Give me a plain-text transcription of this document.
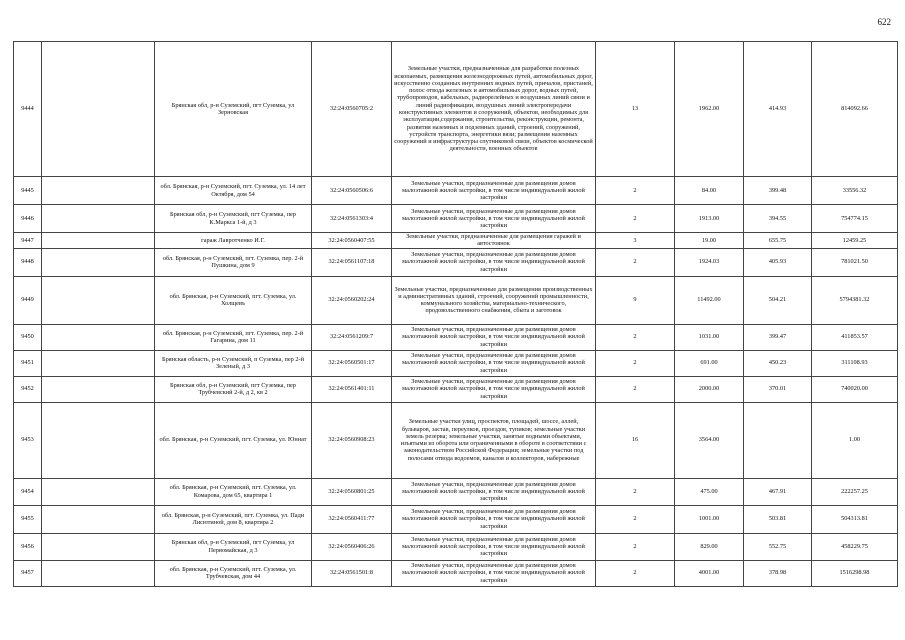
622
9444		Брянская обл, р-н Суземский, пгт Суземка, ул Зерновская	32:24:0560705:2	Земельные участки, предназначенные для разработки полезных ископаемых, размещения железнодорожных путей, автомобильных дорог, искусственно созданных внутренних водных путей, причалов, пристаней, полос отвода железных и автомобильных дорог, водных путей, трубопроводов, кабельных, радиорелейных и воздушных линий связи и линий радиофикации, воздушных линий электропередачи конструктивных элементов и сооружений, объектов, необходимых для эксплуатации,содержания, строительства, реконструкции, ремонта, развития наземных и подземных зданий, строений, сооружений, устройств транспорта, энергетики вязи; размещения наземных сооружений и инфраструктуры спутниковой связи, объектов космической деятельности, военных объектов	13	1962.00	414.93	814092.66
9445		обл. Брянская, р-н Суземский, пгт. Суземка, ул. 14 лет Октября, дом 54	32:24:0560506:6	Земельные участки, предназначенные для размещения домов малоэтажной жилой застройки, в том числе индивидуальной жилой застройки	2	84.00	399.48	33556.32
9446		Брянская обл, р-н Суземский, пгт Суземка, пер К.Маркса 1-й, д 3	32:24:0561303:4	Земельные участки, предназначенные для размещения домов малоэтажной жилой застройки, в том числе индивидуальной жилой застройки	2	1913.00	394.55	754774.15
9447		гараж Лавротченко И.Г.	32:24:0560407:55	Земельные участки, предназначенные для размещения гаражей и автостоянок	3	19.00	655.75	12459.25
9448		обл. Брянская, р-н Суземский, пгт. Суземка, пер. 2-й Пушкина, дом 9	32:24:0561107:18	Земельные участки, предназначенные для размещения домов малоэтажной жилой застройки, в том числе индивидуальной жилой застройки	2	1924.03	405.93	781021.50
9449		обл. Брянская, р-н Суземский, пгт. Суземка, ул. Холщевъ	32:24:0560202:24	Земельные участки, предназначенные для размещения производственных и административных зданий, строений, сооружений промышленности, коммунального хозяйства, материально-технического, продовольственного снабжения, сбыта и заготовок	9	11492.00	504.21	5794381.32
9450		обл. Брянская, р-н Суземский, пгт. Суземка, пер. 2-й Гагарина, дом 11	32:24:0561209:7	Земельные участки, предназначенные для размещения домов малоэтажной жилой застройки, в том числе индивидуальной жилой застройки	2	1031.00	399.47	411853.57
9451		Брянская область, р-н Суземский, п Суземка, пер 2-й Зеленый, д 3	32:24:0560501:17	Земельные участки, предназначенные для размещения домов малоэтажной жилой застройки, в том числе индивидуальной жилой застройки	2	691.00	450.23	311108.93
9452		Брянская обл, р-н Суземский, пгт Суземка, пер Трубчевский 2-й, д 2, кв 2	32:24:0561401:11	Земельные участки, предназначенные для размещения домов малоэтажной жилой застройки, в том числе индивидуальной жилой застройки	2	2000.00	370.01	740020.00
9453		обл. Брянская, р-н Суземский, пгт. Суземка, ул. Юннат	32:24:0560908:23	Земельные участки улиц, проспектов, площадей, шоссе, аллей, бульваров, застав, переулков, проездов, тупиков; земельные участки земель резерва; земельные участки, занятые водными объектами, изъятыми из оборота или ограниченными в обороте в соответствии с законодательством Российской Федерации; земельные участки под полосами отвода водоемов, каналов и коллекторов, набережные	16	3564.00		1.00
9454		обл. Брянская, р-н Суземский, пгт. Суземка, ул. Комарова, дом 65, квартира 1	32:24:0560801:25	Земельные участки, предназначенные для размещения домов малоэтажной жилой застройки, в том числе индивидуальной жилой застройки	2	475.00	467.91	222257.25
9455		обл. Брянская, р-н Суземский, пгт. Суземка, ул. Пади Лисютиной, дом 8, квартира 2	32:24:0560411:77	Земельные участки, предназначенные для размещения домов малоэтажной жилой застройки, в том числе индивидуальной жилой застройки	2	1001.00	503.81	504313.81
9456		Брянская обл, р-н Суземский, пгт Суземка, ул Первомайская, д 3	32:24:0560406:26	Земельные участки, предназначенные для размещения домов малоэтажной жилой застройки, в том числе индивидуальной жилой застройки	2	829.00	552.75	458229.75
9457		обл. Брянская, р-н Суземский, пгт. Суземка, ул. Трубчевская, дом 44	32:24:0561501:8	Земельные участки, предназначенные для размещения домов малоэтажной жилой застройки, в том числе индивидуальной жилой застройки	2	4001.00	378.98	1516298.98
